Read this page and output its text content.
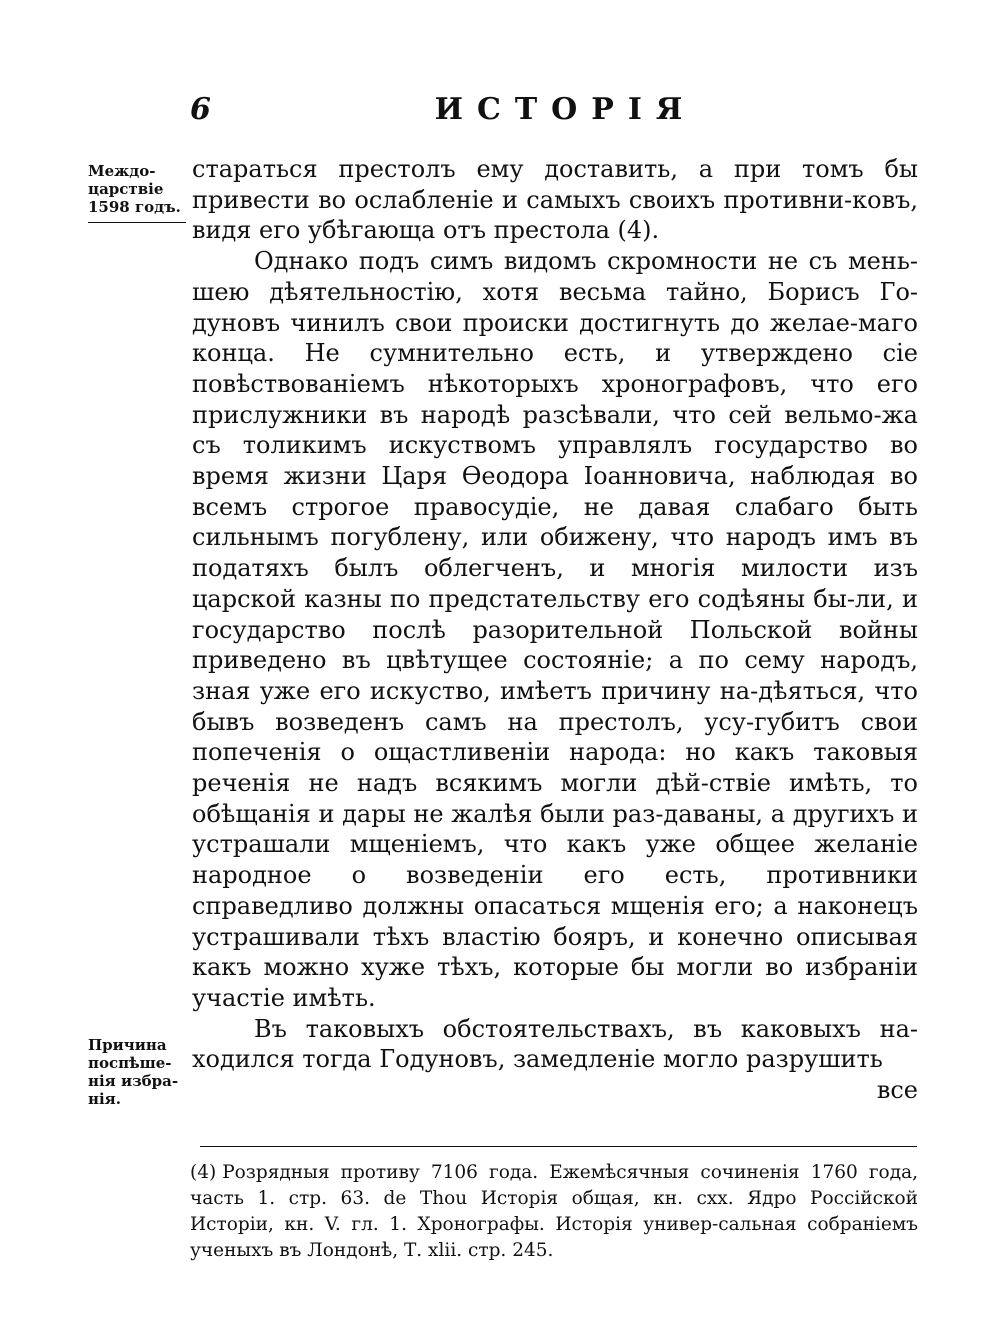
6	ИСТОРІЯ
Междо-царствіе 1598 годъ.
Причина поспѣше-нія избра-нія.

стараться престолъ ему доставить, а при томъ бы привести во ослабленіе и самыхъ своихъ противни-ковъ, видя его убѣгающа отъ престола (4).

Однако подъ симъ видомъ скромности не съ мень-шею дѣятельностію, хотя весьма тайно, Борисъ Го-дуновъ чинилъ свои происки достигнуть до желае-маго конца. Не сумнительно есть, и утверждено сіе повѣствованіемъ нѣкоторыхъ хронографовъ, что его прислужники въ народѣ разсѣвали, что сей вельмо-жа съ толикимъ искуствомъ управлялъ государство во время жизни Царя Ѳеодора Іоанновича, наблюдая во всемъ строгое правосудіе, не давая слабаго быть сильнымъ погублену, или обижену, что народъ имъ въ податяхъ былъ облегченъ, и многія милости изъ царской казны по предстательству его содѣяны бы-ли, и государство послѣ разорительной Польской войны приведено въ цвѣтущее состояніе; а по сему народъ, зная уже его искуство, имѣетъ причину на-дѣяться, что бывъ возведенъ самъ на престолъ, усу-губитъ свои попеченія о ощастливеніи народа: но какъ таковыя реченія не надъ всякимъ могли дѣй-ствіе имѣть, то обѣщанія и дары не жалѣя были раз-даваны, а другихъ и устрашали мщеніемъ, что какъ уже общее желаніе народное о возведеніи его есть, противники справедливо должны опасаться мщенія его; а наконецъ устрашивали тѣхъ властію бояръ, и конечно описывая какъ можно хуже тѣхъ, которые бы могли во избраніи участіе имѣть.

Въ таковыхъ обстоятельствахъ, въ каковыхъ на-ходился тогда Годуновъ, замедленіе могло разрушить

все
(4) Розрядныя противу 7106 года. Ежемѣсячныя сочиненія 1760 года, часть 1. стр. 63. de Thou Исторія общая, кн. cxx. Ядро Россійской Исторіи, кн. V. гл. 1. Хронографы. Исторія универ-сальная собраніемъ ученыхъ въ Лондонѣ, Т. xlii. стр. 245.
